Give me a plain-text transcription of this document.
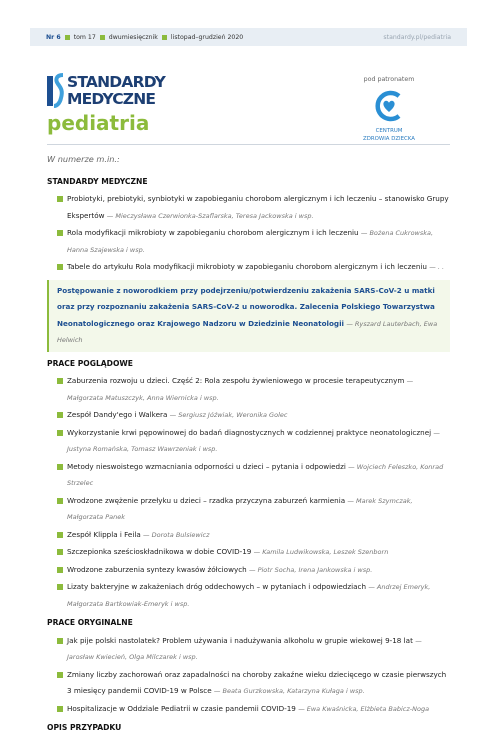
Nr 6 tom 17 dwumiesięcznik listopad–grudzień 2020	standardy.pl/pediatria
STANDARDY
MEDYCZNE
pediatria
pod patronatem
CENTRUM
ZDROWIA DZIECKA
W numerze m.in.:
STANDARDY MEDYCZNE
Probiotyki, prebiotyki, synbiotyki w zapobieganiu chorobom alergicznym i ich leczeniu – stanowisko Grupy Ekspertów — Mieczysława Czerwionka-Szaflarska, Teresa Jackowska i wsp.
Rola modyfikacji mikrobioty w zapobieganiu chorobom alergicznym i ich leczeniu — Bożena Cukrowska, Hanna Szajewska i wsp.
Tabele do artykułu Rola modyfikacji mikrobioty w zapobieganiu chorobom alergicznym i ich leczeniu — . .
Postępowanie z noworodkiem przy podejrzeniu/potwierdzeniu zakażenia SARS-CoV-2 u matki oraz przy rozpoznaniu zakażenia SARS-CoV-2 u noworodka. Zalecenia Polskiego Towarzystwa Neonatologicznego oraz Krajowego Nadzoru w Dziedzinie Neonatologii — Ryszard Lauterbach, Ewa Helwich
PRACE POGLĄDOWE
Zaburzenia rozwoju u dzieci. Część 2: Rola zespołu żywieniowego w procesie terapeutycznym — Małgorzata Matuszczyk, Anna Wiernicka i wsp.
Zespół Dandy'ego i Walkera — Sergiusz Jóźwiak, Weronika Golec
Wykorzystanie krwi pępowinowej do badań diagnostycznych w codziennej praktyce neonatologicznej — Justyna Romańska, Tomasz Wawrzeniak i wsp.
Metody nieswoistego wzmacniania odporności u dzieci – pytania i odpowiedzi — Wojciech Feleszko, Konrad Strzelec
Wrodzone zwężenie przełyku u dzieci – rzadka przyczyna zaburzeń karmienia — Marek Szymczak, Małgorzata Panek
Zespół Klippla i Feila — Dorota Bulsiewicz
Szczepionka sześcioskładnikowa w dobie COVID-19 — Kamila Ludwikowska, Leszek Szenborn
Wrodzone zaburzenia syntezy kwasów żółciowych — Piotr Socha, Irena Jankowska i wsp.
Lizaty bakteryjne w zakażeniach dróg oddechowych – w pytaniach i odpowiedziach — Andrzej Emeryk, Małgorzata Bartkowiak-Emeryk i wsp.
PRACE ORYGINALNE
Jak pije polski nastolatek? Problem używania i nadużywania alkoholu w grupie wiekowej 9-18 lat — Jarosław Kwiecień, Olga Milczarek i wsp.
Zmiany liczby zachorowań oraz zapadalności na choroby zakaźne wieku dziecięcego w czasie pierwszych 3 miesięcy pandemii COVID-19 w Polsce — Beata Gurzkowska, Katarzyna Kułaga i wsp.
Hospitalizacje w Oddziale Pediatrii w czasie pandemii COVID-19 — Ewa Kwaśnicka, Elżbieta Babicz-Noga
OPIS PRZYPADKU
